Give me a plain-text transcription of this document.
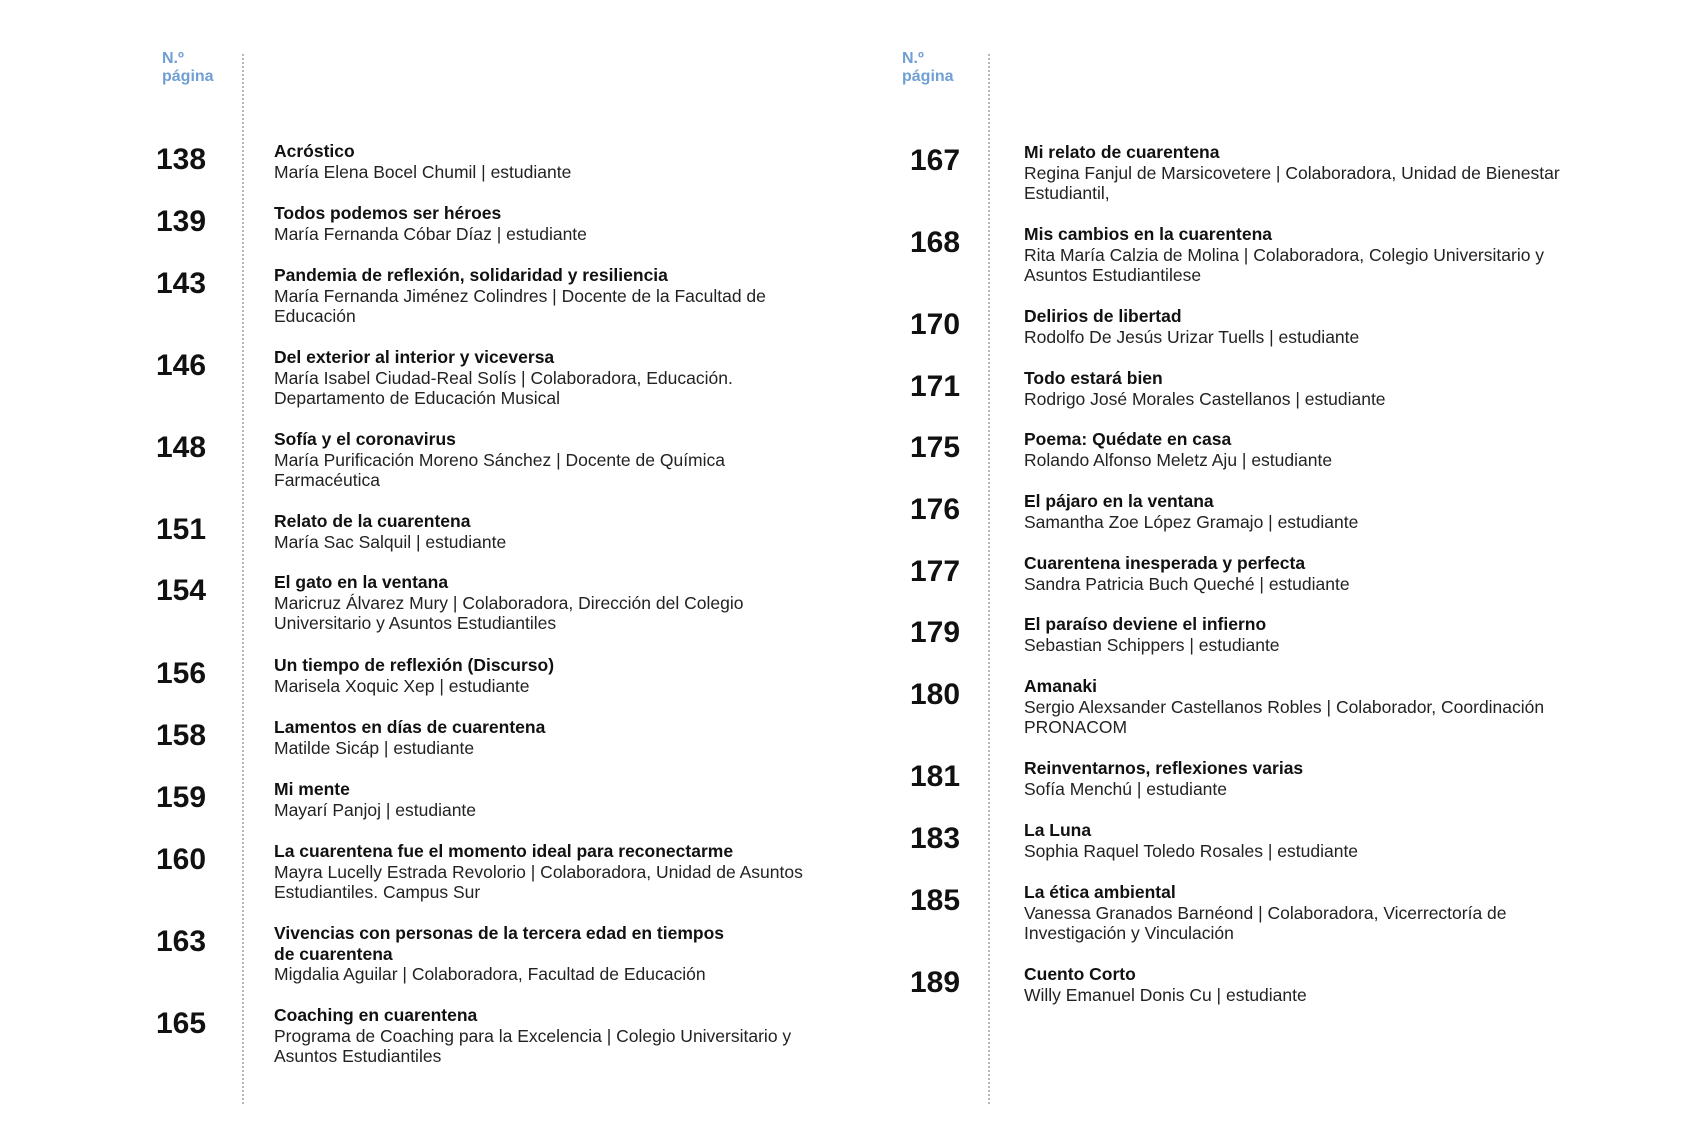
N.º
página
138	Acróstico
María Elena Bocel Chumil | estudiante
139	Todos podemos ser héroes
María Fernanda Cóbar Díaz | estudiante
143	Pandemia de reflexión, solidaridad y resiliencia
María Fernanda Jiménez Colindres | Docente de la Facultad de Educación
146	Del exterior al interior y viceversa
María Isabel Ciudad-Real Solís | Colaboradora, Educación. Departamento de Educación Musical
148	Sofía y el coronavirus
María Purificación Moreno Sánchez | Docente de Química Farmacéutica
151	Relato de la cuarentena
María Sac Salquil | estudiante
154	El gato en la ventana
Maricruz Álvarez Mury | Colaboradora, Dirección del Colegio Universitario y Asuntos Estudiantiles
156	Un tiempo de reflexión (Discurso)
Marisela Xoquic Xep | estudiante
158	Lamentos en días de cuarentena
Matilde Sicáp | estudiante
159	Mi mente
Mayarí Panjoj | estudiante
160	La cuarentena fue el momento ideal para reconectarme
Mayra Lucelly Estrada Revolorio | Colaboradora, Unidad de Asuntos Estudiantiles. Campus Sur
163	Vivencias con personas de la tercera edad en tiempos de cuarentena
Migdalia Aguilar | Colaboradora, Facultad de Educación
165	Coaching en cuarentena
Programa de Coaching para la Excelencia | Colegio Universitario y Asuntos Estudiantiles
N.º
página
167	Mi relato de cuarentena
Regina Fanjul de Marsicovetere | Colaboradora, Unidad de Bienestar Estudiantil,
168	Mis cambios en la cuarentena
Rita María Calzia de Molina | Colaboradora, Colegio Universitario y Asuntos Estudiantilese
170	Delirios de libertad
Rodolfo De Jesús Urizar Tuells | estudiante
171	Todo estará bien
Rodrigo José Morales Castellanos | estudiante
175	Poema: Quédate en casa
Rolando Alfonso Meletz Aju | estudiante
176	El pájaro en la ventana
Samantha Zoe López Gramajo | estudiante
177	Cuarentena inesperada y perfecta
Sandra Patricia Buch Queché | estudiante
179	El paraíso deviene el infierno
Sebastian Schippers | estudiante
180	Amanaki
Sergio Alexsander Castellanos Robles | Colaborador, Coordinación PRONACOM
181	Reinventarnos, reflexiones varias
Sofía Menchú | estudiante
183	La Luna
Sophia Raquel Toledo Rosales | estudiante
185	La ética ambiental
Vanessa Granados Barnéond | Colaboradora, Vicerrectoría de Investigación y Vinculación
189	Cuento Corto
Willy Emanuel Donis Cu | estudiante
